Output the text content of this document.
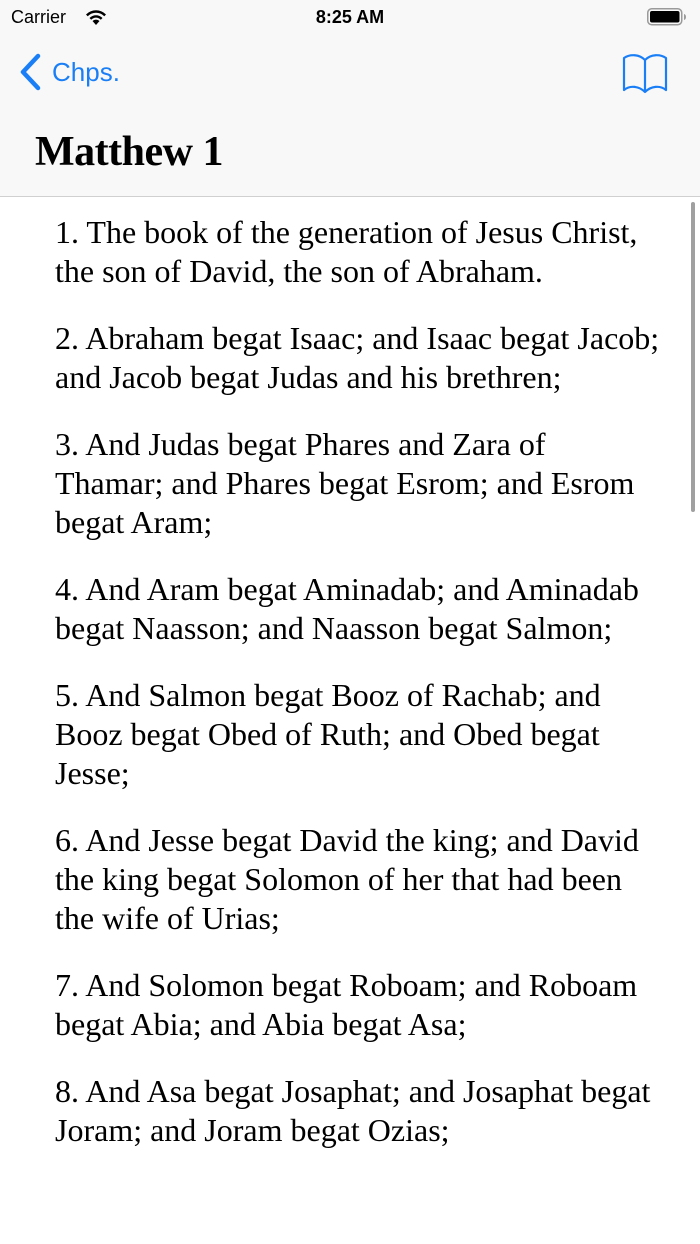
Carrier	8:25 AM
Chps.
Matthew 1

1. The book of the generation of Jesus Christ, the son of David, the son of Abraham.

2. Abraham begat Isaac; and Isaac begat Jacob; and Jacob begat Judas and his brethren;

3. And Judas begat Phares and Zara of Thamar; and Phares begat Esrom; and Esrom begat Aram;

4. And Aram begat Aminadab; and Aminadab begat Naasson; and Naasson begat Salmon;

5. And Salmon begat Booz of Rachab; and Booz begat Obed of Ruth; and Obed begat Jesse;

6. And Jesse begat David the king; and David the king begat Solomon of her that had been the wife of Urias;

7. And Solomon begat Roboam; and Roboam begat Abia; and Abia begat Asa;

8. And Asa begat Josaphat; and Josaphat begat Joram; and Joram begat Ozias;
